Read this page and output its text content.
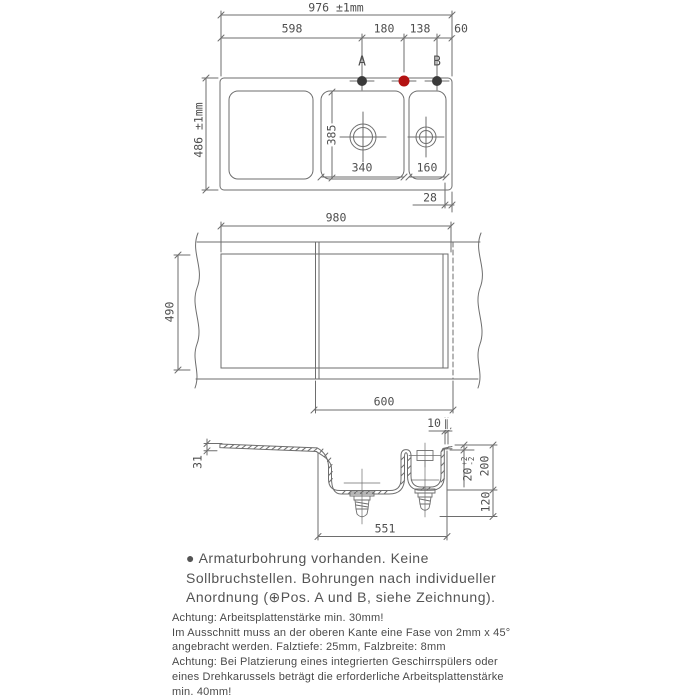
976 ±1mm
598	180 138 60
A	B
486 ±1mm	385
340	160
28
980
490
600
10 ∥
31
20
+2
-2 200
120
551
● Armaturbohrung vorhanden. Keine
Sollbruchstellen. Bohrungen nach individueller
Anordnung (⊕Pos. A und B, siehe Zeichnung).
Achtung: Arbeitsplattenstärke min. 30mm!
Im Ausschnitt muss an der oberen Kante eine Fase von 2mm x 45°
angebracht werden. Falztiefe: 25mm, Falzbreite: 8mm
Achtung: Bei Platzierung eines integrierten Geschirrspülers oder
eines Drehkarussels beträgt die erforderliche Arbeitsplattenstärke
min. 40mm!
